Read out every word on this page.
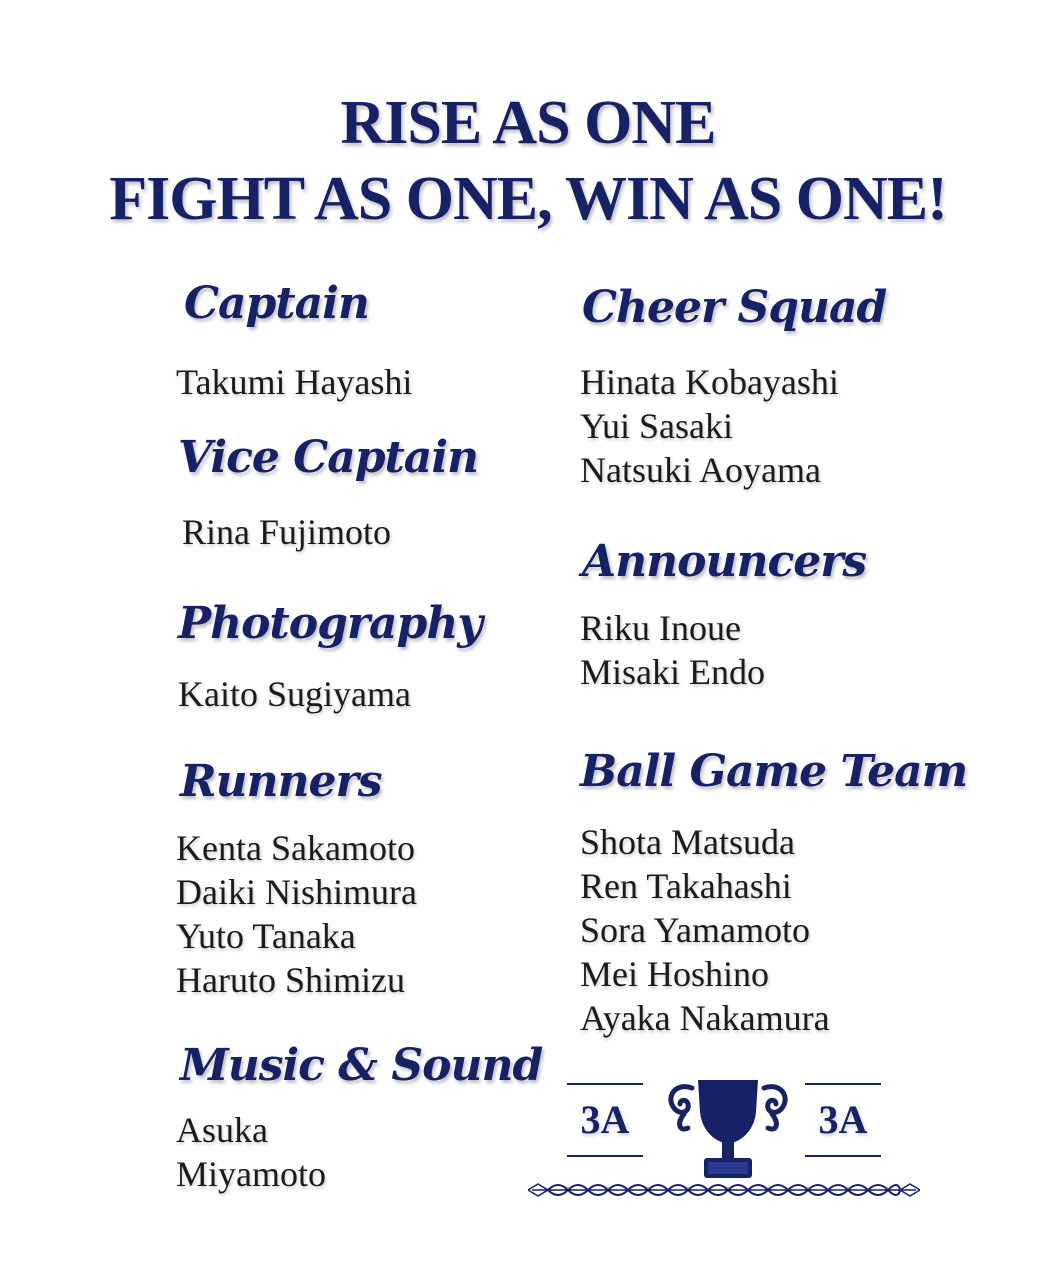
RISE AS ONE
FIGHT AS ONE, WIN AS ONE!
Captain
Takumi Hayashi
Vice Captain
Rina Fujimoto
Photography
Kaito Sugiyama
Runners
Kenta Sakamoto
Daiki Nishimura
Yuto Tanaka
Haruto Shimizu
Music & Sound
Asuka
Miyamoto
Cheer Squad
Hinata Kobayashi
Yui Sasaki
Natsuki Aoyama
Announcers
Riku Inoue
Misaki Endo
Ball Game Team
Shota Matsuda
Ren Takahashi
Sora Yamamoto
Mei Hoshino
Ayaka Nakamura
3A	3A
